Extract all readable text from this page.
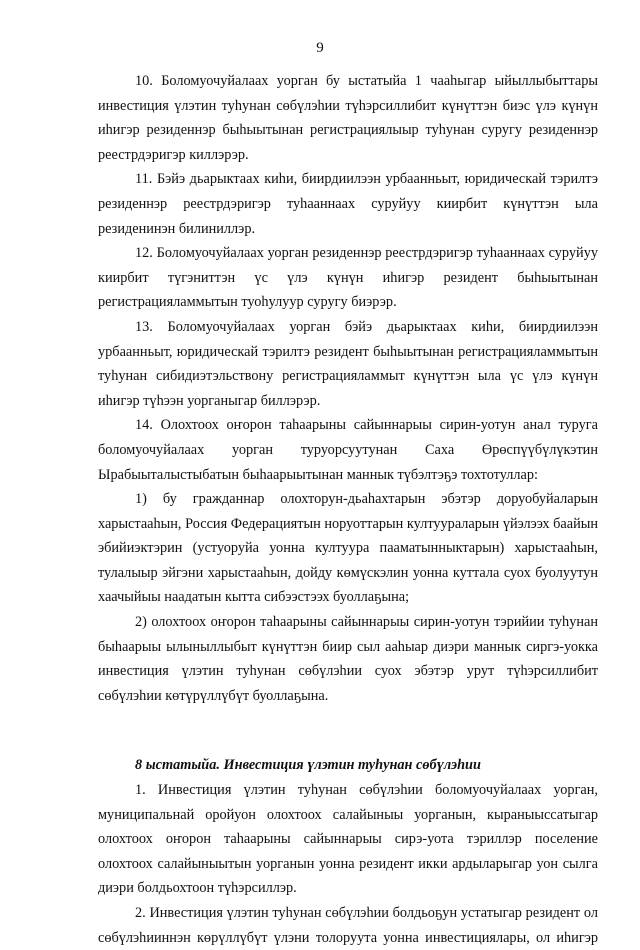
9

10. Боломуочуйалаах уорган бу ыстатыйа 1 чааһыгар ыйыллыбыттары инвестиция үлэтин туһунан сөбүлэһии түһэрсиллибит күнүттэн биэс үлэ күнүн иһигэр резиденнэр быһыытынан регистрациялыыр туһунан суругу резиденнэр реестрдэригэр киллэрэр.

11. Бэйэ дьарыктаах киһи, биирдиилээн урбаанньыт, юридическай тэрилтэ резиденнэр реестрдэригэр туһааннаах суруйуу киирбит күнүттэн ыла резиденинэн билиниллэр.

12. Боломуочуйалаах уорган резиденнэр реестрдэригэр туһааннаах суруйуу киирбит түгэниттэн үс үлэ күнүн иһигэр резидент быһыытынан регистрацияламмытын туоһулуур суругу биэрэр.

13. Боломуочуйалаах уорган бэйэ дьарыктаах киһи, биирдиилээн урбаанньыт, юридическай тэрилтэ резидент быһыытынан регистрацияламмытын туһунан сибидиэтэльствону регистрацияламмыт күнүттэн ыла үс үлэ күнүн иһигэр түһээн уорганыгар биллэрэр.

14. Олохтоох оҥорон таһаарыны сайыннарыы сирин-уотун анал туруга боломуочуйалаах уорган туруорсуутунан Саха Өрөспүүбүлүкэтин Ырабыыталыстыбатын быһаарыытынан маннык түбэлтэҕэ тохтотуллар:

1) бу гражданнар олохторун-дьаһахтарын эбэтэр доруобуйаларын харыстааһын, Россия Федерациятын норуоттарын култуураларын үйэлээх баайын эбийиэктэрин (устуоруйа уонна култуура пааматынныктарын) харыстааһын, тулалыыр эйгэни харыстааһын, дойду көмүскэлин уонна куттала суох буолуутун хаачыйыы наадатын кытта сибээстээх буоллаҕына;

2) олохтоох оҥорон таһаарыны сайыннарыы сирин-уотун тэрийии туһунан быһаарыы ылыныллыбыт күнүттэн биир сыл ааһыар диэри маннык сиргэ-уокка инвестиция үлэтин туһунан сөбүлэһии суох эбэтэр урут түһэрсиллибит сөбүлэһии көтүрүллүбүт буоллаҕына.

8 ыстатыйа. Инвестиция үлэтин туһунан сөбүлэһии

1. Инвестиция үлэтин туһунан сөбүлэһии боломуочуйалаах уорган, муниципальнай оройуон олохтоох салайыныы уорганын, кыраныыссатыгар олохтоох оҥорон таһаарыны сайыннарыы сирэ-уота тэриллэр поселение олохтоох салайыныытын уорганын уонна резидент икки ардыларыгар уон сылга диэри болдьохтоон түһэрсиллэр.

2. Инвестиция үлэтин туһунан сөбүлэһии болдьоҕун устатыгар резидент ол сөбүлэһииннэн көрүллүбүт үлэни толоруута уонна инвестициялары, ол иһигэр
